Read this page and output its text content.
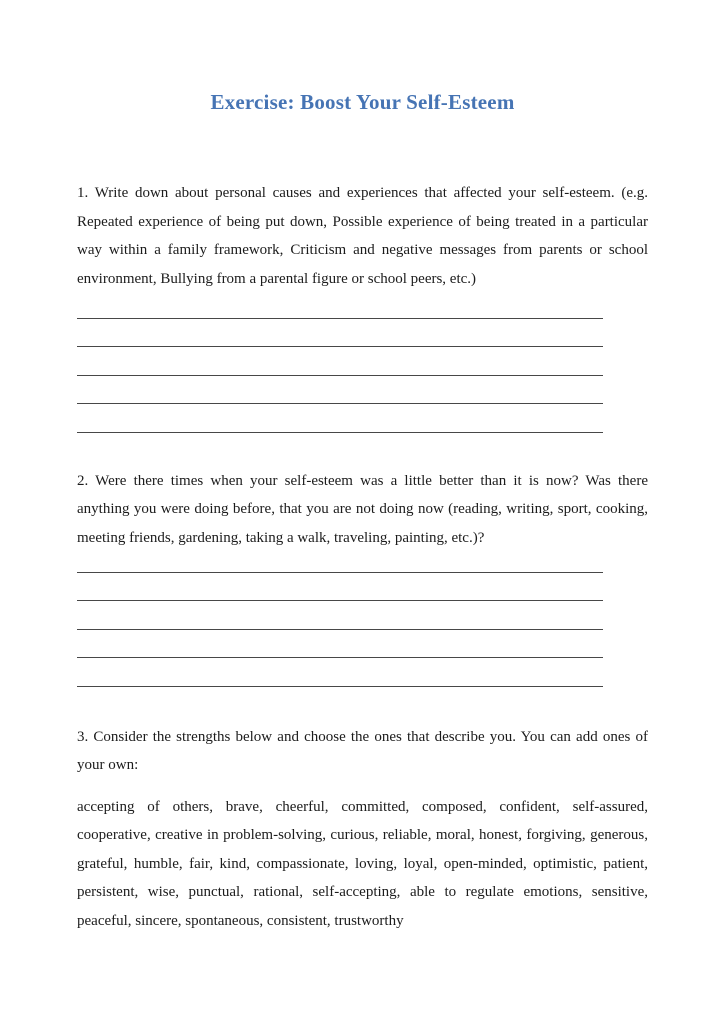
Exercise: Boost Your Self-Esteem

1. Write down about personal causes and experiences that affected your self-esteem. (e.g. Repeated experience of being put down, Possible experience of being treated in a particular way within a family framework, Criticism and negative messages from parents or school environment, Bullying from a parental figure or school peers, etc.)

2. Were there times when your self-esteem was a little better than it is now? Was there anything you were doing before, that you are not doing now (reading, writing, sport, cooking, meeting friends, gardening, taking a walk, traveling, painting, etc.)?

3. Consider the strengths below and choose the ones that describe you. You can add ones of your own:

accepting of others, brave, cheerful, committed, composed, confident, self-assured, cooperative, creative in problem-solving, curious, reliable, moral, honest, forgiving, generous, grateful, humble, fair, kind, compassionate, loving, loyal, open-minded, optimistic, patient, persistent, wise, punctual, rational, self-accepting, able to regulate emotions, sensitive, peaceful, sincere, spontaneous, consistent, trustworthy
